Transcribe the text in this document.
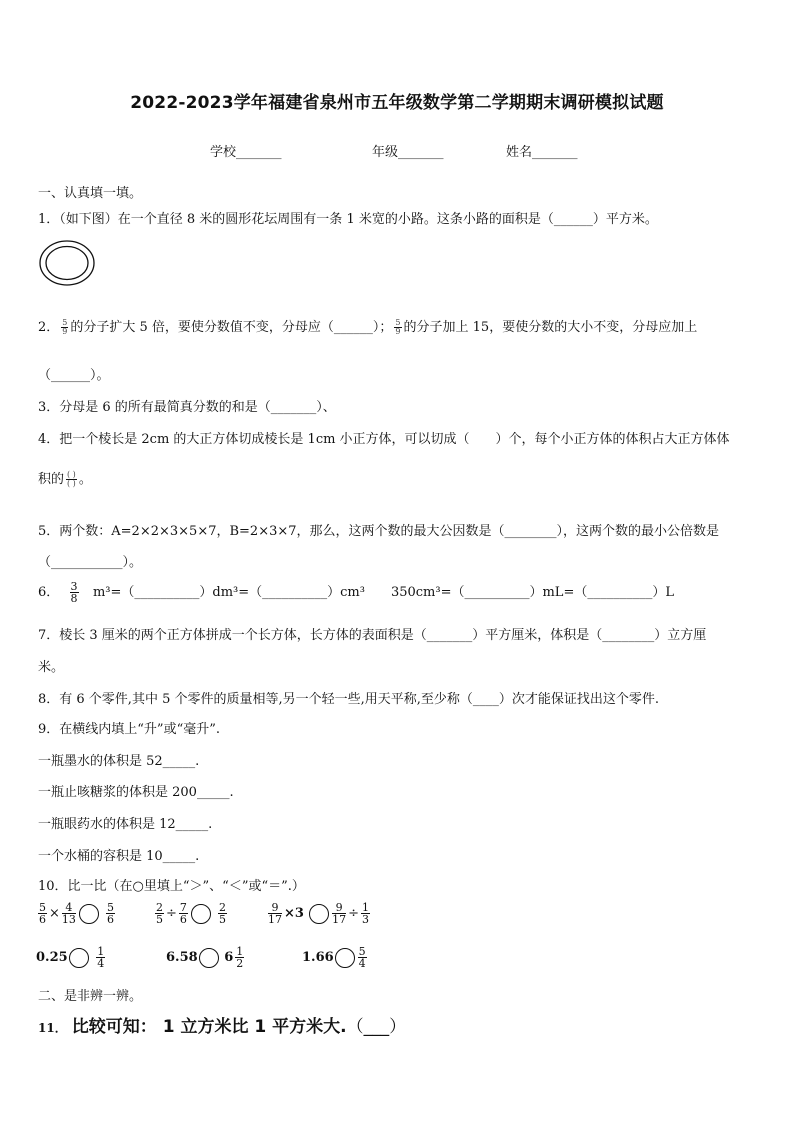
2022-2023学年福建省泉州市五年级数学第二学期期末调研模拟试题
学校_______	年级_______	姓名_______
一、认真填一填。
1．（如下图）在一个直径 8 米的圆形花坛周围有一条 1 米宽的小路。这条小路的面积是（______）平方米。
2． $\frac{5}{9}$ 的分子扩大 5 倍，要使分数值不变，分母应（______）； $\frac{5}{9}$ 的分子加上 15，要使分数的大小不变，分母应加上
（______）。
3．分母是 6 的所有最简真分数的和是（_______）、
4．把一个棱长是 2cm 的大正方体切成棱长是 1cm 小正方体，可以切成（　　）个，每个小正方体的体积占大正方体体
积的 $\frac{( )}{( )}$ 。
5．两个数：A=2×2×3×5×7，B=2×3×7，那么，这两个数的最大公因数是（________），这两个数的最小公倍数是
（___________）。
6． $\frac{3}{8}$ m³=（__________）dm³=（__________）cm³　　350cm³=（__________）mL=（__________）L
7．棱长 3 厘米的两个正方体拼成一个长方体，长方体的表面积是（_______）平方厘米，体积是（________）立方厘
米。
8．有 6 个零件,其中 5 个零件的质量相等,另一个轻一些,用天平称,至少称（____）次才能保证找出这个零件.
9．在横线内填上“升”或“毫升”.
一瓶墨水的体积是 52_____.
一瓶止咳糖浆的体积是 200_____.
一瓶眼药水的体积是 12_____.
一个水桶的容积是 10_____.
10．比一比（在○里填上“＞”、“＜”或“＝”.）
$\frac{5}{6} \times \frac{4}{13}$
	$\frac{5}{6}$	$\frac{2}{5} \div \frac{7}{6}$
	$\frac{2}{5}$	$\frac{9}{17} \times 3$	$\frac{9}{17} \div \frac{1}{3}$
0.25	$\frac{1}{4}$	6.58 $6 \frac{1}{2}$	$1.66 \frac{5}{4}$
二、是非辨一辨。
11． 比较可知： 1 立方米比 1 平方米大.（___）
